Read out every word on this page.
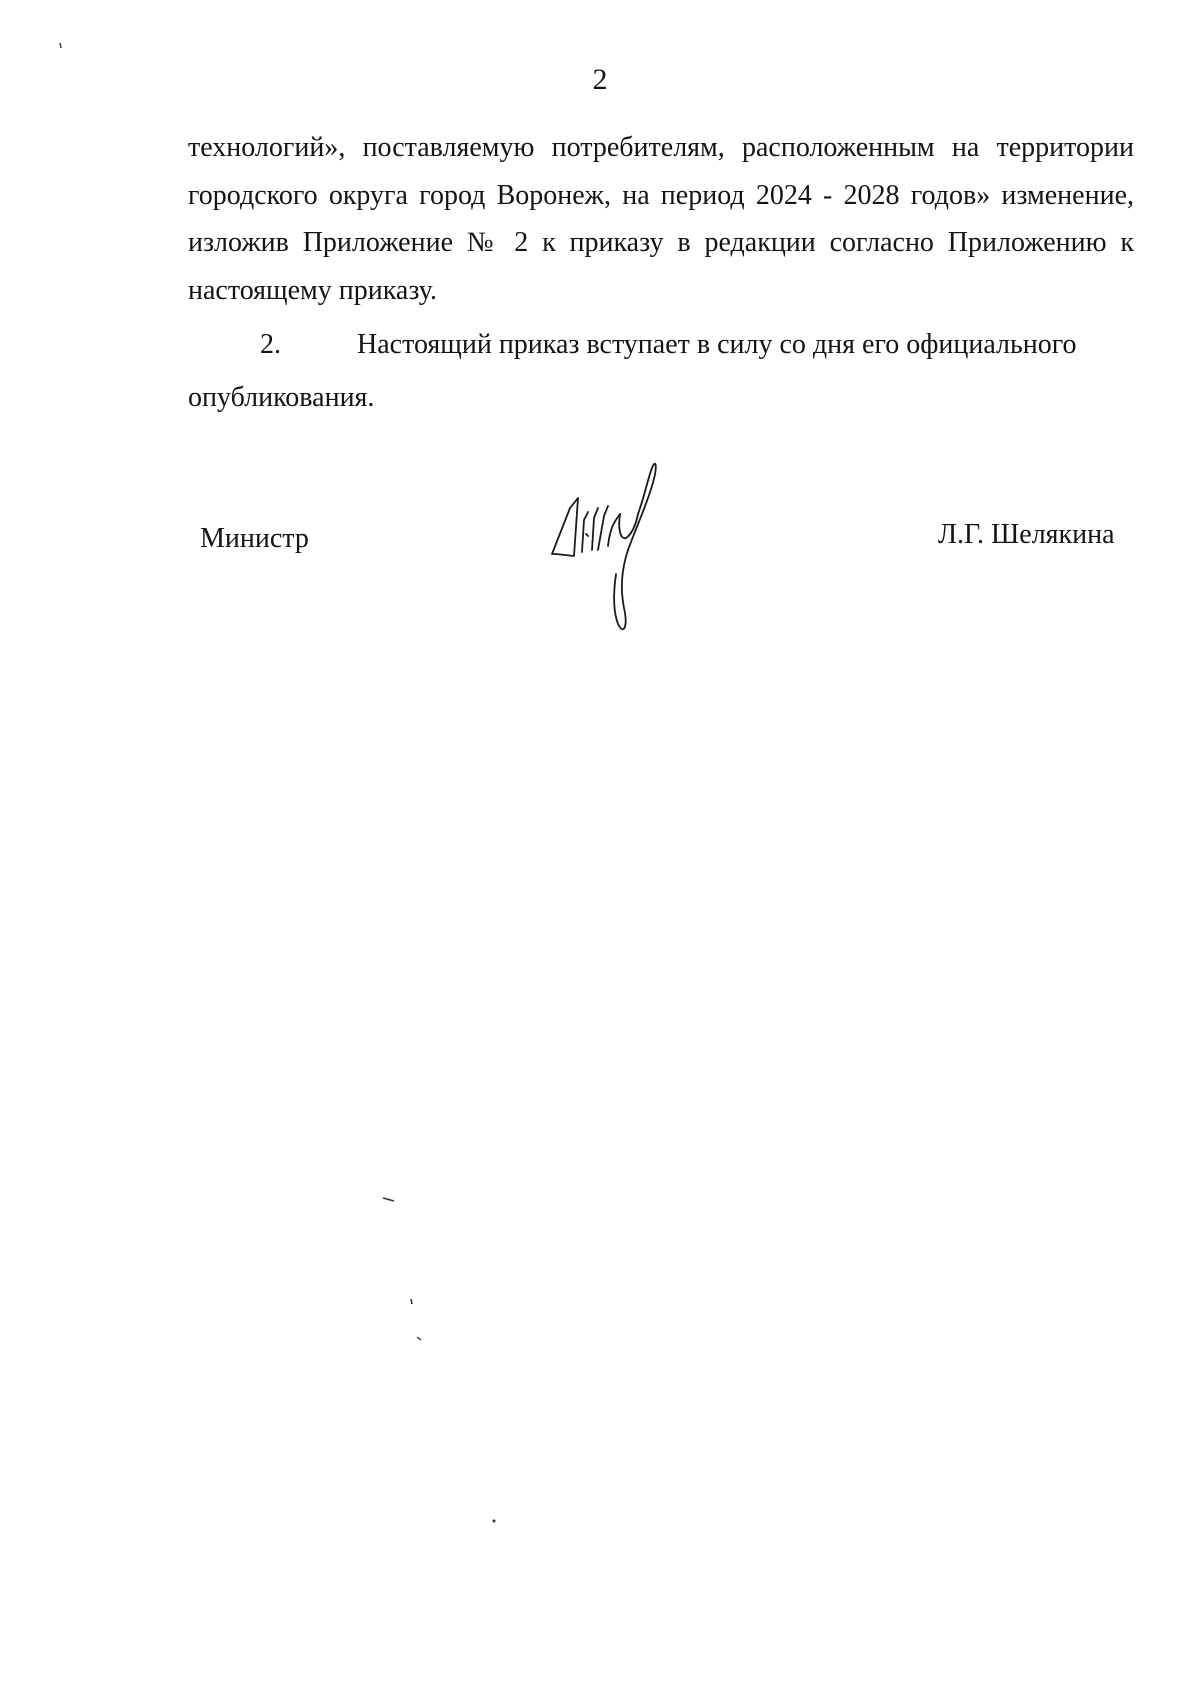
2
технологий», поставляемую потребителям, расположенным на территории
городского округа город Воронеж, на период 2024 - 2028 годов» изменение,
изложив Приложение № 2 к приказу в редакции согласно Приложению к
настоящему приказу.
2.	Настоящий приказ вступает в силу со дня его официального
опубликования.
Министр	Л.Г. Шелякина
